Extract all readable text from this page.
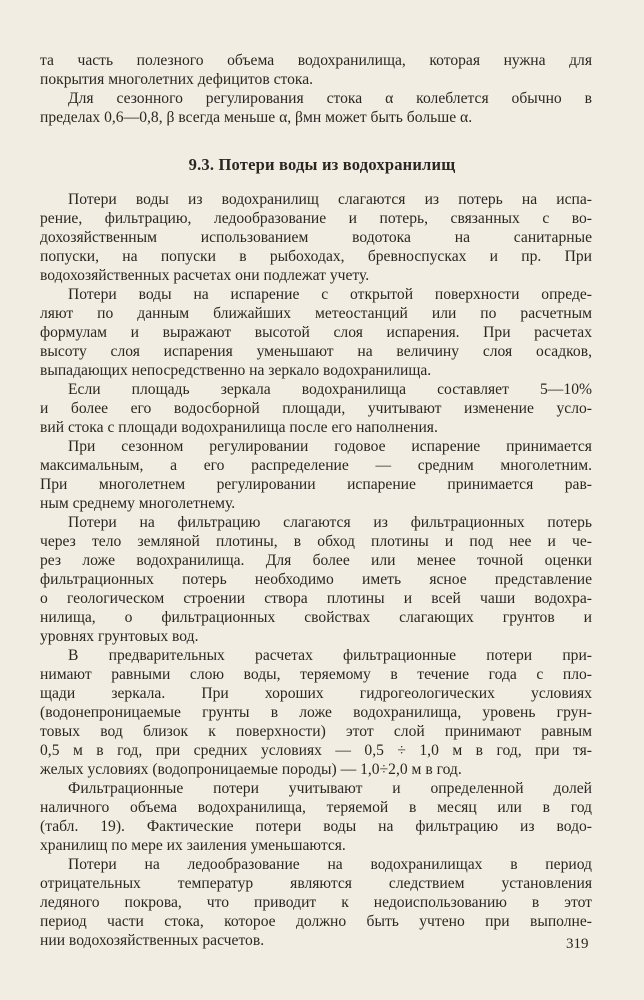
та часть полезного объема водохранилища, которая нужна для
покрытия многолетних дефицитов стока.
Для сезонного регулирования стока α колеблется обычно в
пределах 0,6—0,8, β всегда меньше α, βмн может быть больше α.
9.3. Потери воды из водохранилищ
Потери воды из водохранилищ слагаются из потерь на испа-
рение, фильтрацию, ледообразование и потерь, связанных с во-
дохозяйственным использованием водотока на санитарные
попуски, на попуски в рыбоходах, бревноспусках и пр. При
водохозяйственных расчетах они подлежат учету.
Потери воды на испарение с открытой поверхности опреде-
ляют по данным ближайших метеостанций или по расчетным
формулам и выражают высотой слоя испарения. При расчетах
высоту слоя испарения уменьшают на величину слоя осадков,
выпадающих непосредственно на зеркало водохранилища.
Если площадь зеркала водохранилища составляет 5—10%
и более его водосборной площади, учитывают изменение усло-
вий стока с площади водохранилища после его наполнения.
При сезонном регулировании годовое испарение принимается
максимальным, а его распределение — средним многолетним.
При многолетнем регулировании испарение принимается рав-
ным среднему многолетнему.
Потери на фильтрацию слагаются из фильтрационных потерь
через тело земляной плотины, в обход плотины и под нее и че-
рез ложе водохранилища. Для более или менее точной оценки
фильтрационных потерь необходимо иметь ясное представление
о геологическом строении створа плотины и всей чаши водохра-
нилища, о фильтрационных свойствах слагающих грунтов и
уровнях грунтовых вод.
В предварительных расчетах фильтрационные потери при-
нимают равными слою воды, теряемому в течение года с пло-
щади зеркала. При хороших гидрогеологических условиях
(водонепроницаемые грунты в ложе водохранилища, уровень грун-
товых вод близок к поверхности) этот слой принимают равным
0,5 м в год, при средних условиях — 0,5 ÷ 1,0 м в год, при тя-
желых условиях (водопроницаемые породы) — 1,0÷2,0 м в год.
Фильтрационные потери учитывают и определенной долей
наличного объема водохранилища, теряемой в месяц или в год
(табл. 19). Фактические потери воды на фильтрацию из водо-
хранилищ по мере их заиления уменьшаются.
Потери на ледообразование на водохранилищах в период
отрицательных температур являются следствием установления
ледяного покрова, что приводит к недоиспользованию в этот
период части стока, которое должно быть учтено при выполне-
нии водохозяйственных расчетов.	319
